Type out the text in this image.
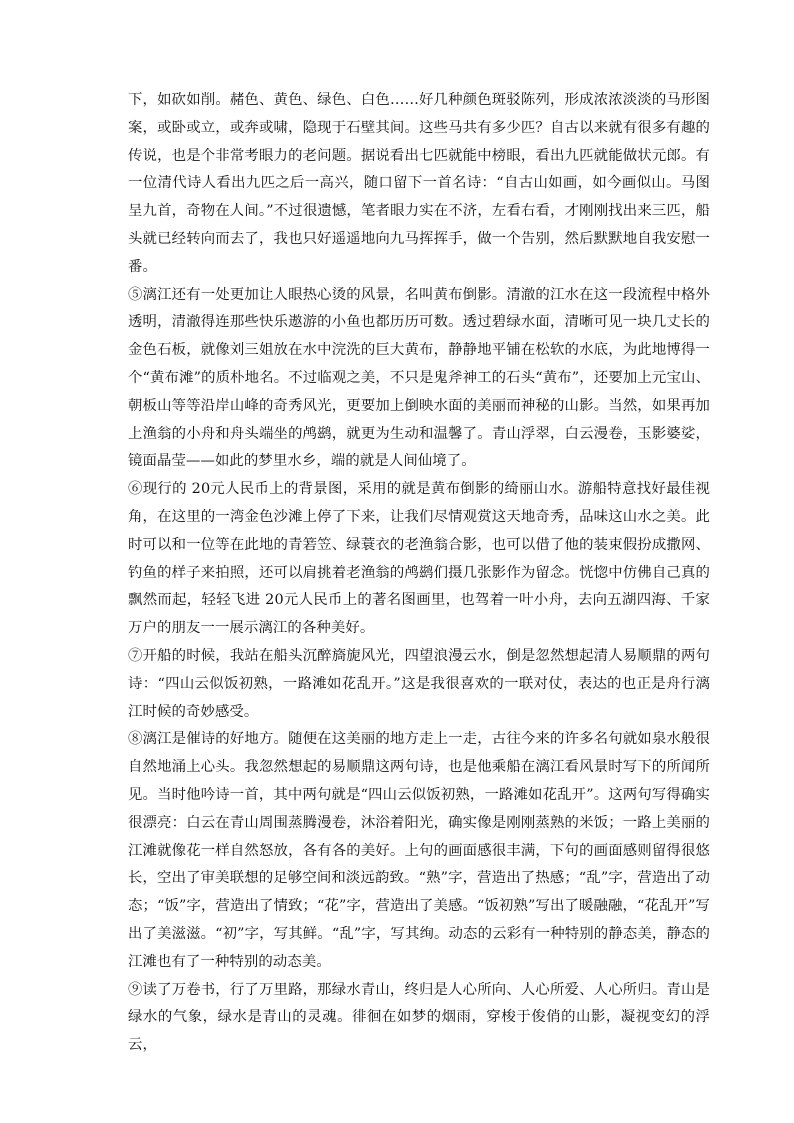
下，如砍如削。赭色、黄色、绿色、白色……好几种颜色斑驳陈列，形成浓浓淡淡的马形图案，或卧或立，或奔或啸，隐现于石壁其间。这些马共有多少匹？自古以来就有很多有趣的传说，也是个非常考眼力的老问题。据说看出七匹就能中榜眼，看出九匹就能做状元郎。有一位清代诗人看出九匹之后一高兴，随口留下一首名诗：“自古山如画，如今画似山。马图呈九首，奇物在人间。”不过很遗憾，笔者眼力实在不济，左看右看，才刚刚找出来三匹，船头就已经转向而去了，我也只好遥遥地向九马挥挥手，做一个告别，然后默默地自我安慰一番。

⑤漓江还有一处更加让人眼热心烫的风景，名叫黄布倒影。清澈的江水在这一段流程中格外透明，清澈得连那些快乐遨游的小鱼也都历历可数。透过碧绿水面，清晰可见一块几丈长的金色石板，就像刘三姐放在水中浣洗的巨大黄布，静静地平铺在松软的水底，为此地博得一个“黄布滩”的质朴地名。不过临观之美，不只是鬼斧神工的石头“黄布”，还要加上元宝山、朝板山等等沿岸山峰的奇秀风光，更要加上倒映水面的美丽而神秘的山影。当然，如果再加上渔翁的小舟和舟头端坐的鸬鹚，就更为生动和温馨了。青山浮翠，白云漫卷，玉影婆娑，镜面晶莹——如此的梦里水乡，端的就是人间仙境了。

⑥现行的 20元人民币上的背景图，采用的就是黄布倒影的绮丽山水。游船特意找好最佳视角，在这里的一湾金色沙滩上停了下来，让我们尽情观赏这天地奇秀，品味这山水之美。此时可以和一位等在此地的青箬笠、绿蓑衣的老渔翁合影，也可以借了他的装束假扮成撒网、钓鱼的样子来拍照，还可以肩挑着老渔翁的鸬鹚们摄几张影作为留念。恍惚中仿佛自己真的飘然而起，轻轻飞进 20元人民币上的著名图画里，也驾着一叶小舟，去向五湖四海、千家万户的朋友一一展示漓江的各种美好。

⑦开船的时候，我站在船头沉醉旖旎风光，四望浪漫云水，倒是忽然想起清人易顺鼎的两句诗：“四山云似饭初熟，一路滩如花乱开。”这是我很喜欢的一联对仗，表达的也正是舟行漓江时候的奇妙感受。

⑧漓江是催诗的好地方。随便在这美丽的地方走上一走，古往今来的许多名句就如泉水般很自然地涌上心头。我忽然想起的易顺鼎这两句诗，也是他乘船在漓江看风景时写下的所闻所见。当时他吟诗一首，其中两句就是“四山云似饭初熟，一路滩如花乱开”。这两句写得确实很漂亮：白云在青山周围蒸腾漫卷，沐浴着阳光，确实像是刚刚蒸熟的米饭；一路上美丽的江滩就像花一样自然怒放，各有各的美好。上句的画面感很丰满，下句的画面感则留得很悠长，空出了审美联想的足够空间和淡远韵致。“熟”字，营造出了热感；“乱”字，营造出了动态；“饭”字，营造出了情致；“花”字，营造出了美感。“饭初熟”写出了暖融融，“花乱开”写出了美滋滋。“初”字，写其鲜。“乱”字，写其绚。动态的云彩有一种特别的静态美，静态的江滩也有了一种特别的动态美。

⑨读了万卷书，行了万里路，那绿水青山，终归是人心所向、人心所爱、人心所归。青山是绿水的气象，绿水是青山的灵魂。徘徊在如梦的烟雨，穿梭于俊俏的山影，凝视变幻的浮云，
